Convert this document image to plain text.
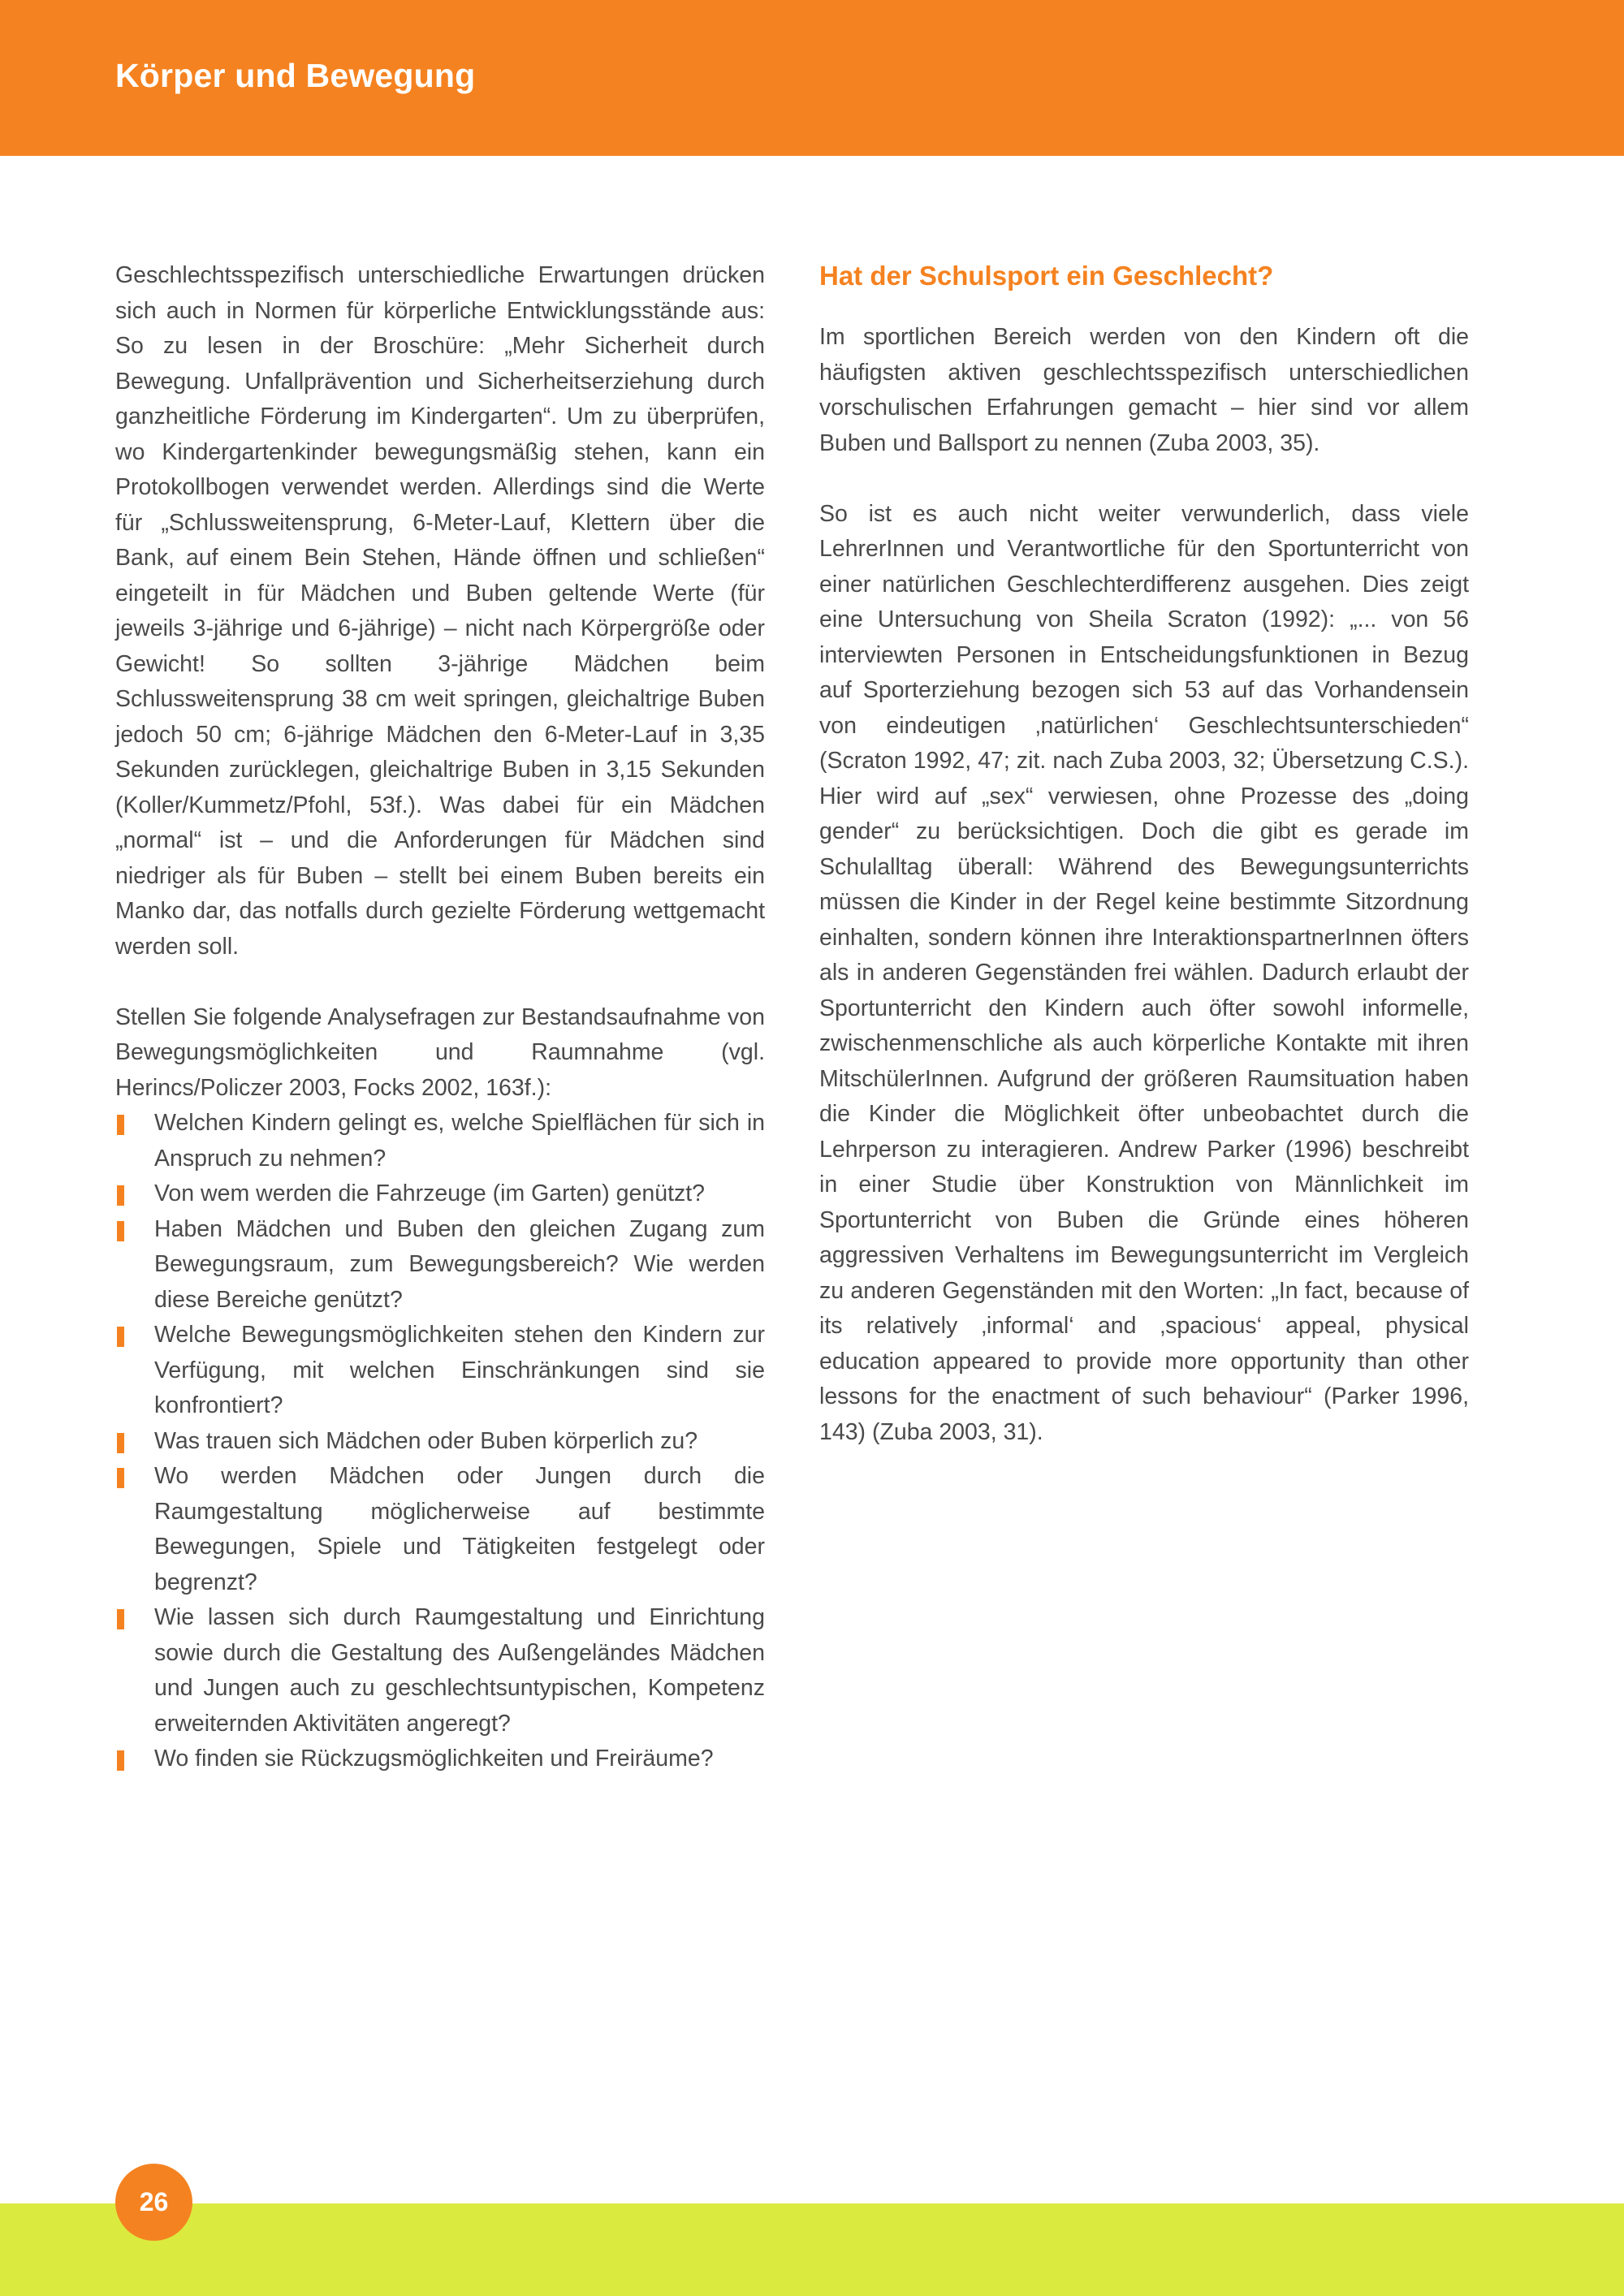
Körper und Bewegung

Geschlechtsspezifisch unterschiedliche Erwartungen drücken sich auch in Normen für körperliche Entwicklungsstände aus: So zu lesen in der Broschüre: „Mehr Sicherheit durch Bewegung. Unfallprävention und Sicherheitserziehung durch ganzheitliche Förderung im Kindergarten“. Um zu überprüfen, wo Kindergartenkinder bewegungsmäßig stehen, kann ein Protokollbogen verwendet werden. Allerdings sind die Werte für „Schlussweitensprung, 6-Meter-Lauf, Klettern über die Bank, auf einem Bein Stehen, Hände öffnen und schließen“ eingeteilt in für Mädchen und Buben geltende Werte (für jeweils 3-jährige und 6-jährige) – nicht nach Körpergröße oder Gewicht! So sollten 3-jährige Mädchen beim Schlussweitensprung 38 cm weit springen, gleichaltrige Buben jedoch 50 cm; 6-jährige Mädchen den 6-Meter-Lauf in 3,35 Sekunden zurücklegen, gleichaltrige Buben in 3,15 Sekunden (Koller/Kummetz/Pfohl, 53f.). Was dabei für ein Mädchen „normal“ ist – und die Anforderungen für Mädchen sind niedriger als für Buben – stellt bei einem Buben bereits ein Manko dar, das notfalls durch gezielte Förderung wettgemacht werden soll.

Stellen Sie folgende Analysefragen zur Bestandsaufnahme von Bewegungsmöglichkeiten und Raumnahme (vgl. Herincs/Policzer 2003, Focks 2002, 163f.):

Welchen Kindern gelingt es, welche Spielflächen für sich in Anspruch zu nehmen?
Von wem werden die Fahrzeuge (im Garten) genützt?
Haben Mädchen und Buben den gleichen Zugang zum Bewegungsraum, zum Bewegungsbereich? Wie werden diese Bereiche genützt?
Welche Bewegungsmöglichkeiten stehen den Kindern zur Verfügung, mit welchen Einschränkungen sind sie konfrontiert?
Was trauen sich Mädchen oder Buben körperlich zu?
Wo werden Mädchen oder Jungen durch die Raumgestaltung möglicherweise auf bestimmte Bewegungen, Spiele und Tätigkeiten festgelegt oder begrenzt?
Wie lassen sich durch Raumgestaltung und Einrichtung sowie durch die Gestaltung des Außengeländes Mädchen und Jungen auch zu geschlechtsuntypischen, Kompetenz erweiternden Aktivitäten angeregt?
Wo finden sie Rückzugsmöglichkeiten und Freiräume?
Hat der Schulsport ein Geschlecht?

Im sportlichen Bereich werden von den Kindern oft die häufigsten aktiven geschlechtsspezifisch unterschiedlichen vorschulischen Erfahrungen gemacht – hier sind vor allem Buben und Ballsport zu nennen (Zuba 2003, 35).

So ist es auch nicht weiter verwunderlich, dass viele LehrerInnen und Verantwortliche für den Sportunterricht von einer natürlichen Geschlechterdifferenz ausgehen. Dies zeigt eine Untersuchung von Sheila Scraton (1992): „... von 56 interviewten Personen in Entscheidungsfunktionen in Bezug auf Sporterziehung bezogen sich 53 auf das Vorhandensein von eindeutigen ‚natürlichen‘ Geschlechtsunterschieden“ (Scraton 1992, 47; zit. nach Zuba 2003, 32; Übersetzung C.S.). Hier wird auf „sex“ verwiesen, ohne Prozesse des „doing gender“ zu berücksichtigen. Doch die gibt es gerade im Schulalltag überall: Während des Bewegungsunterrichts müssen die Kinder in der Regel keine bestimmte Sitzordnung einhalten, sondern können ihre InteraktionspartnerInnen öfters als in anderen Gegenständen frei wählen. Dadurch erlaubt der Sportunterricht den Kindern auch öfter sowohl informelle, zwischenmenschliche als auch körperliche Kontakte mit ihren MitschülerInnen. Aufgrund der größeren Raumsituation haben die Kinder die Möglichkeit öfter unbeobachtet durch die Lehrperson zu interagieren. Andrew Parker (1996) beschreibt in einer Studie über Konstruktion von Männlichkeit im Sportunterricht von Buben die Gründe eines höheren aggressiven Verhaltens im Bewegungsunterricht im Vergleich zu anderen Gegenständen mit den Worten: „In fact, because of its relatively ‚informal‘ and ‚spacious‘ appeal, physical education appeared to provide more opportunity than other lessons for the enactment of such behaviour“ (Parker 1996, 143) (Zuba 2003, 31).

26
